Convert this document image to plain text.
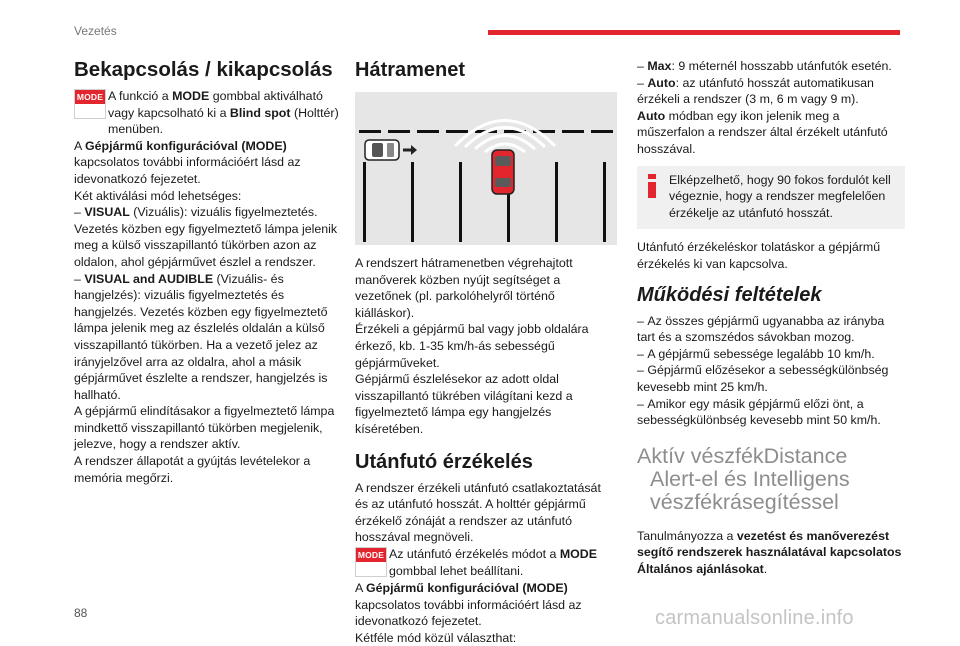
Vezetés
Bekapcsolás / kikapcsolás
MODE A funkció a MODE gombbal aktiválható vagy kapcsolható ki a Blind spot (Holttér) menüben.

A Gépjármű konfigurációval (MODE) kapcsolatos további információért lásd az idevonatkozó fejezetet.

Két aktiválási mód lehetséges:

– VISUAL (Vizuális): vizuális figyelmeztetés. Vezetés közben egy figyelmeztető lámpa jelenik meg a külső visszapillantó tükörben azon az oldalon, ahol gépjárművet észlel a rendszer.

– VISUAL and AUDIBLE (Vizuális- és hangjelzés): vizuális figyelmeztetés és hangjelzés. Vezetés közben egy figyelmeztető lámpa jelenik meg az észlelés oldalán a külső visszapillantó tükörben. Ha a vezető jelez az irányjelzővel arra az oldalra, ahol a másik gépjárművet észlelte a rendszer, hangjelzés is hallható.

A gépjármű elindításakor a figyelmeztető lámpa mindkettő visszapillantó tükörben megjelenik, jelezve, hogy a rendszer aktív.

A rendszer állapotát a gyújtás levételekor a memória megőrzi.

Hátramenet

A rendszert hátramenetben végrehajtott manőverek közben nyújt segítséget a vezetőnek (pl. parkolóhelyről történő kiálláskor).

Érzékeli a gépjármű bal vagy jobb oldalára érkező, kb. 1-35 km/h-ás sebességű gépjárműveket.

Gépjármű észlelésekor az adott oldal visszapillantó tükrében világítani kezd a figyelmeztető lámpa egy hangjelzés kíséretében.

Utánfutó érzékelés

A rendszer érzékeli utánfutó csatlakoztatását és az utánfutó hosszát. A holttér gépjármű érzékelő zónáját a rendszer az utánfutó hosszával megnöveli.

MODE Az utánfutó érzékelés módot a MODE gombbal lehet beállítani.

A Gépjármű konfigurációval (MODE) kapcsolatos további információért lásd az idevonatkozó fejezetet.

Kétféle mód közül választhat:

– Max: 9 méternél hosszabb utánfutók esetén.

– Auto: az utánfutó hosszát automatikusan érzékeli a rendszer (3 m, 6 m vagy 9 m).

Auto módban egy ikon jelenik meg a műszerfalon a rendszer által érzékelt utánfutó hosszával.

Elképzelhető, hogy 90 fokos fordulót kell végeznie, hogy a rendszer megfelelően érzékelje az utánfutó hosszát.

Utánfutó érzékeléskor tolatáskor a gépjármű érzékelés ki van kapcsolva.

Működési feltételek

– Az összes gépjármű ugyanabba az irányba tart és a szomszédos sávokban mozog.

– A gépjármű sebessége legalább 10 km/h.

– Gépjármű előzésekor a sebességkülönbség kevesebb mint 25 km/h.

– Amikor egy másik gépjármű előzi önt, a sebességkülönbség kevesebb mint 50 km/h.

Aktív vészfékDistance
Alert-el és Intelligens
vészfékrásegítéssel

Tanulmányozza a vezetést és manőverezést segítő rendszerek használatával kapcsolatos Általános ajánlásokat.

88	carmanualsonline.info
